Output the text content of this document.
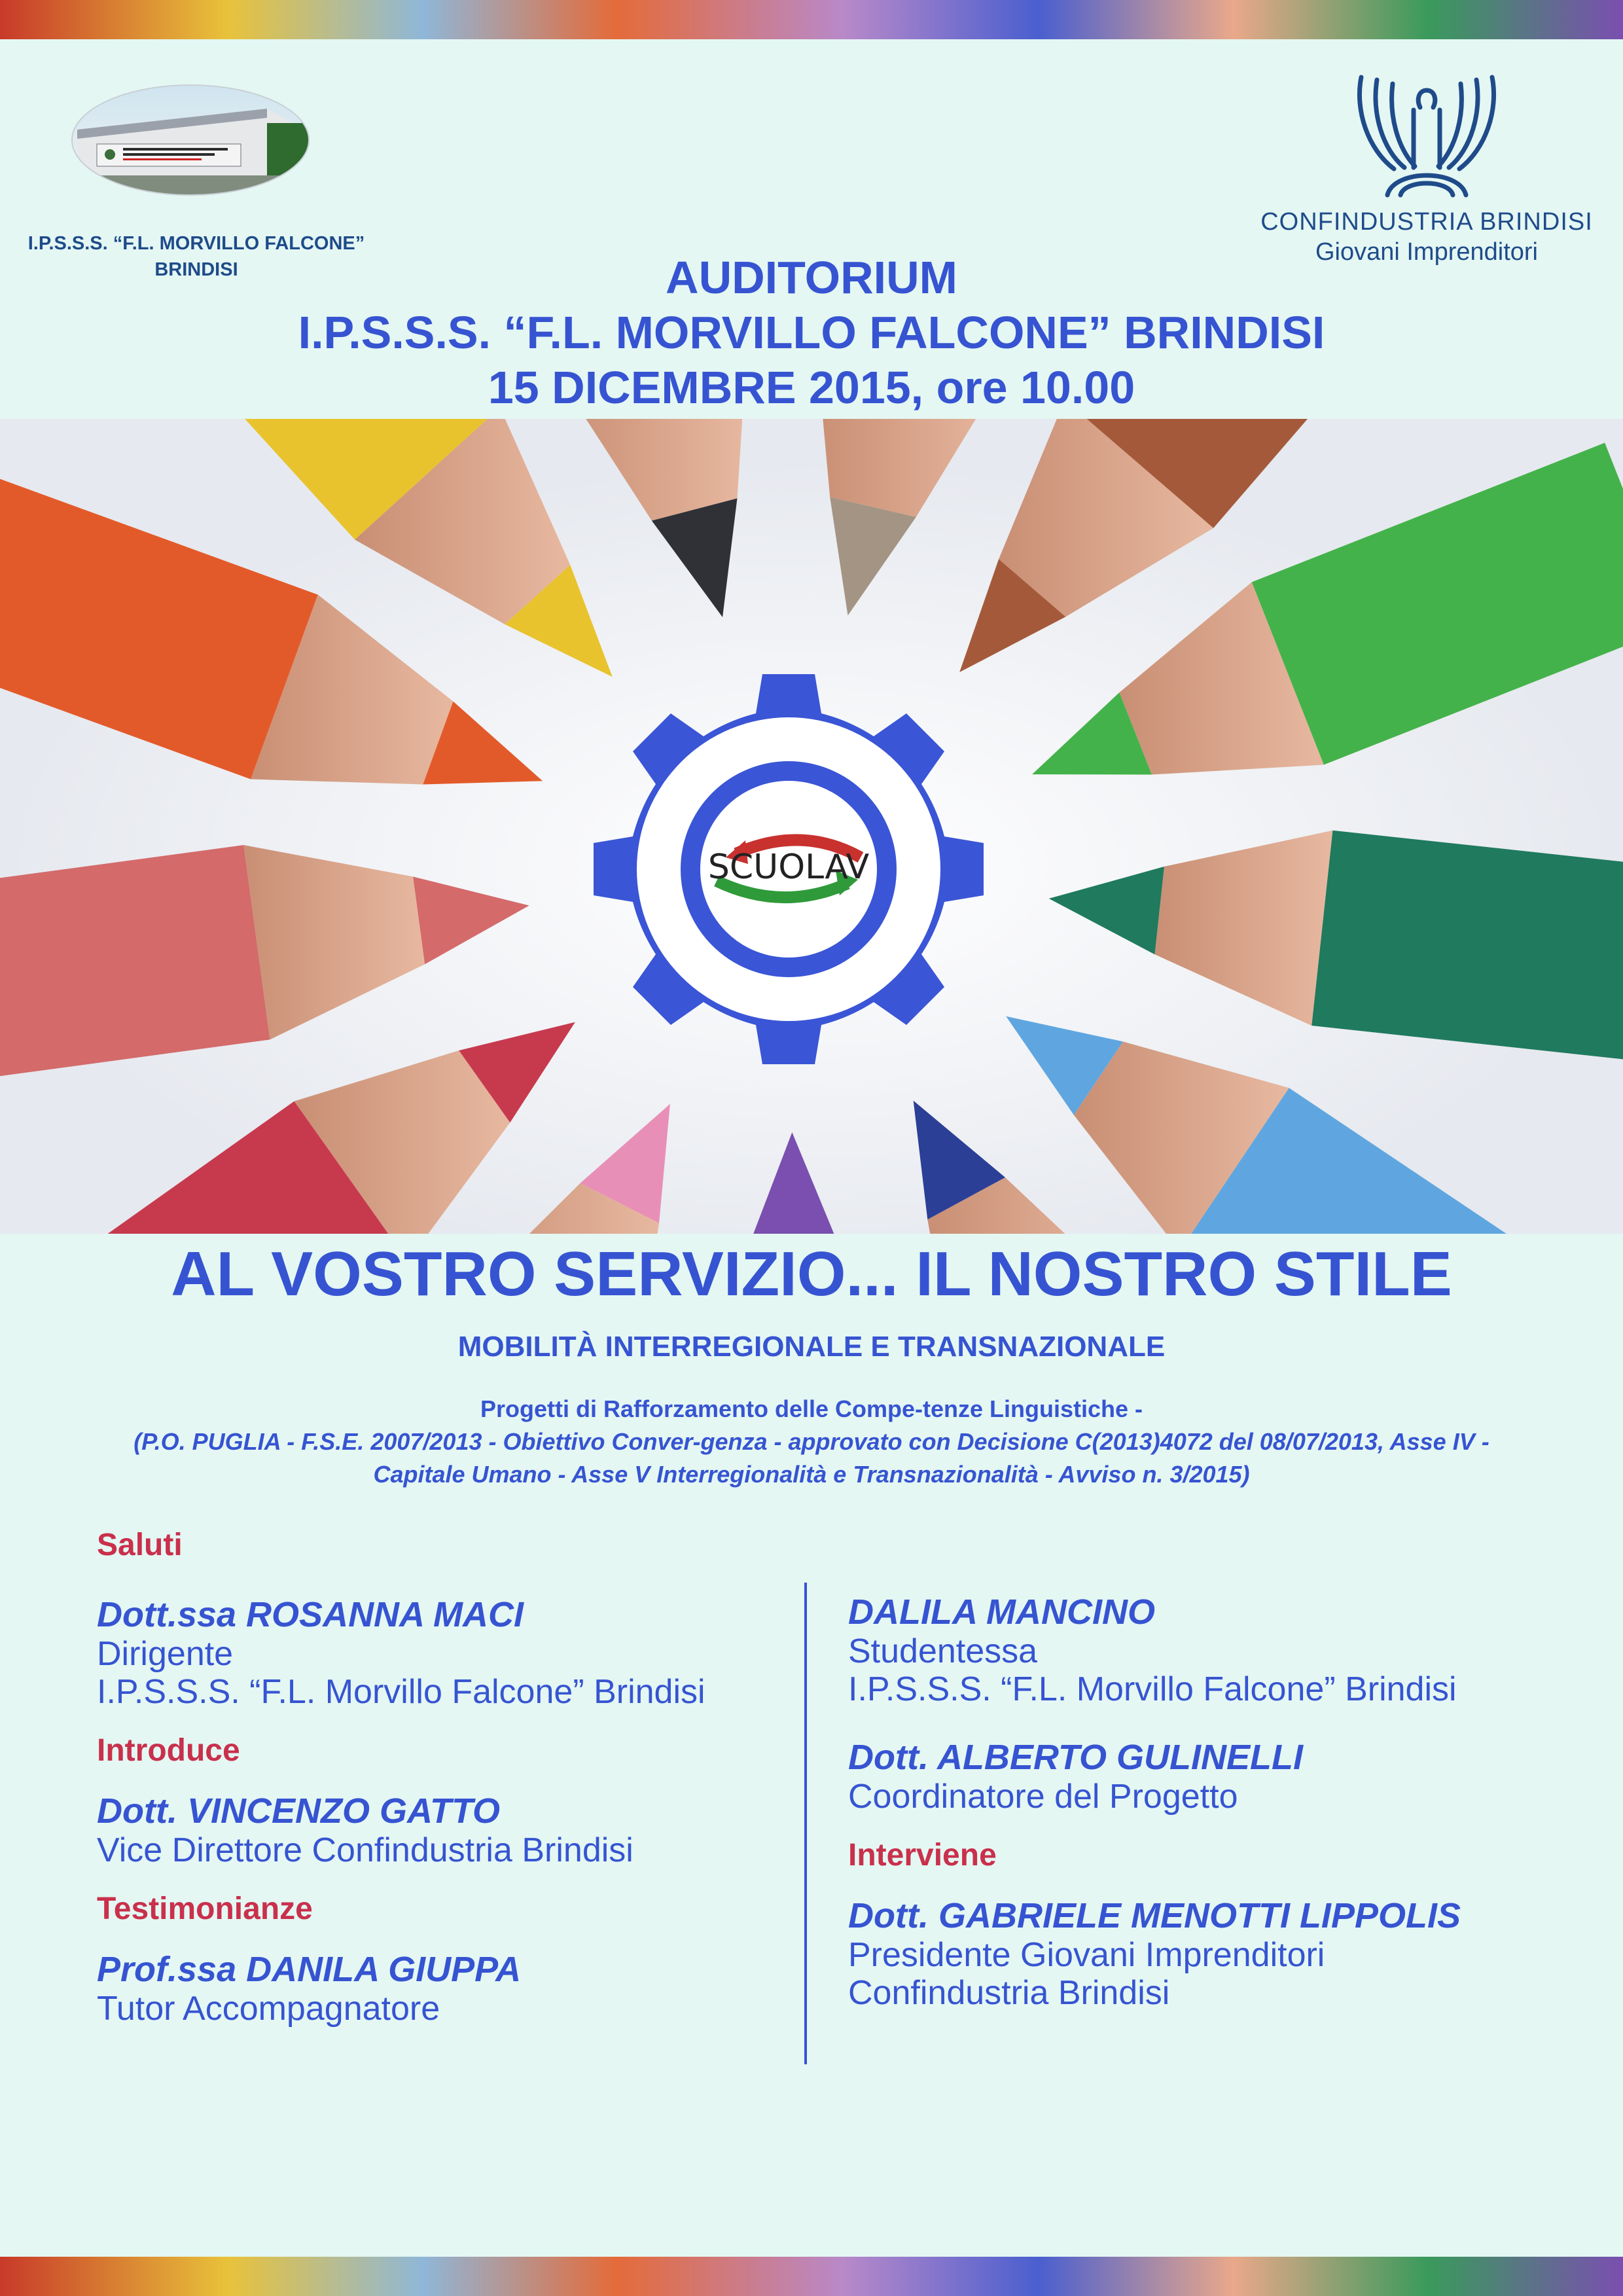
I.P.S.S.S. “F.L. MORVILLO FALCONE”
BRINDISI
CONFINDUSTRIA BRINDISI
Giovani Imprenditori
AUDITORIUM
I.P.S.S.S. “F.L. MORVILLO FALCONE” BRINDISI
15 DICEMBRE 2015, ore 10.00
SCUOLAV
AL VOSTRO SERVIZIO... IL NOSTRO STILE
MOBILITÀ INTERREGIONALE E TRANSNAZIONALE
Progetti di Rafforzamento delle Compe-tenze Linguistiche -
(P.O. PUGLIA - F.S.E. 2007/2013 - Obiettivo Conver-genza - approvato con Decisione C(2013)4072 del 08/07/2013, Asse IV -
Capitale Umano - Asse V Interregionalità e Transnazionalità - Avviso n. 3/2015)
Saluti
Dott.ssa ROSANNA MACI
Dirigente
I.P.S.S.S. “F.L. Morvillo Falcone” Brindisi
Introduce
Dott. VINCENZO GATTO
Vice Direttore Confindustria Brindisi
Testimonianze
Prof.ssa DANILA GIUPPA
Tutor Accompagnatore
DALILA MANCINO
Studentessa
I.P.S.S.S. “F.L. Morvillo Falcone” Brindisi
Dott. ALBERTO GULINELLI
Coordinatore del Progetto
Interviene
Dott. GABRIELE MENOTTI LIPPOLIS
Presidente Giovani Imprenditori
Confindustria Brindisi
